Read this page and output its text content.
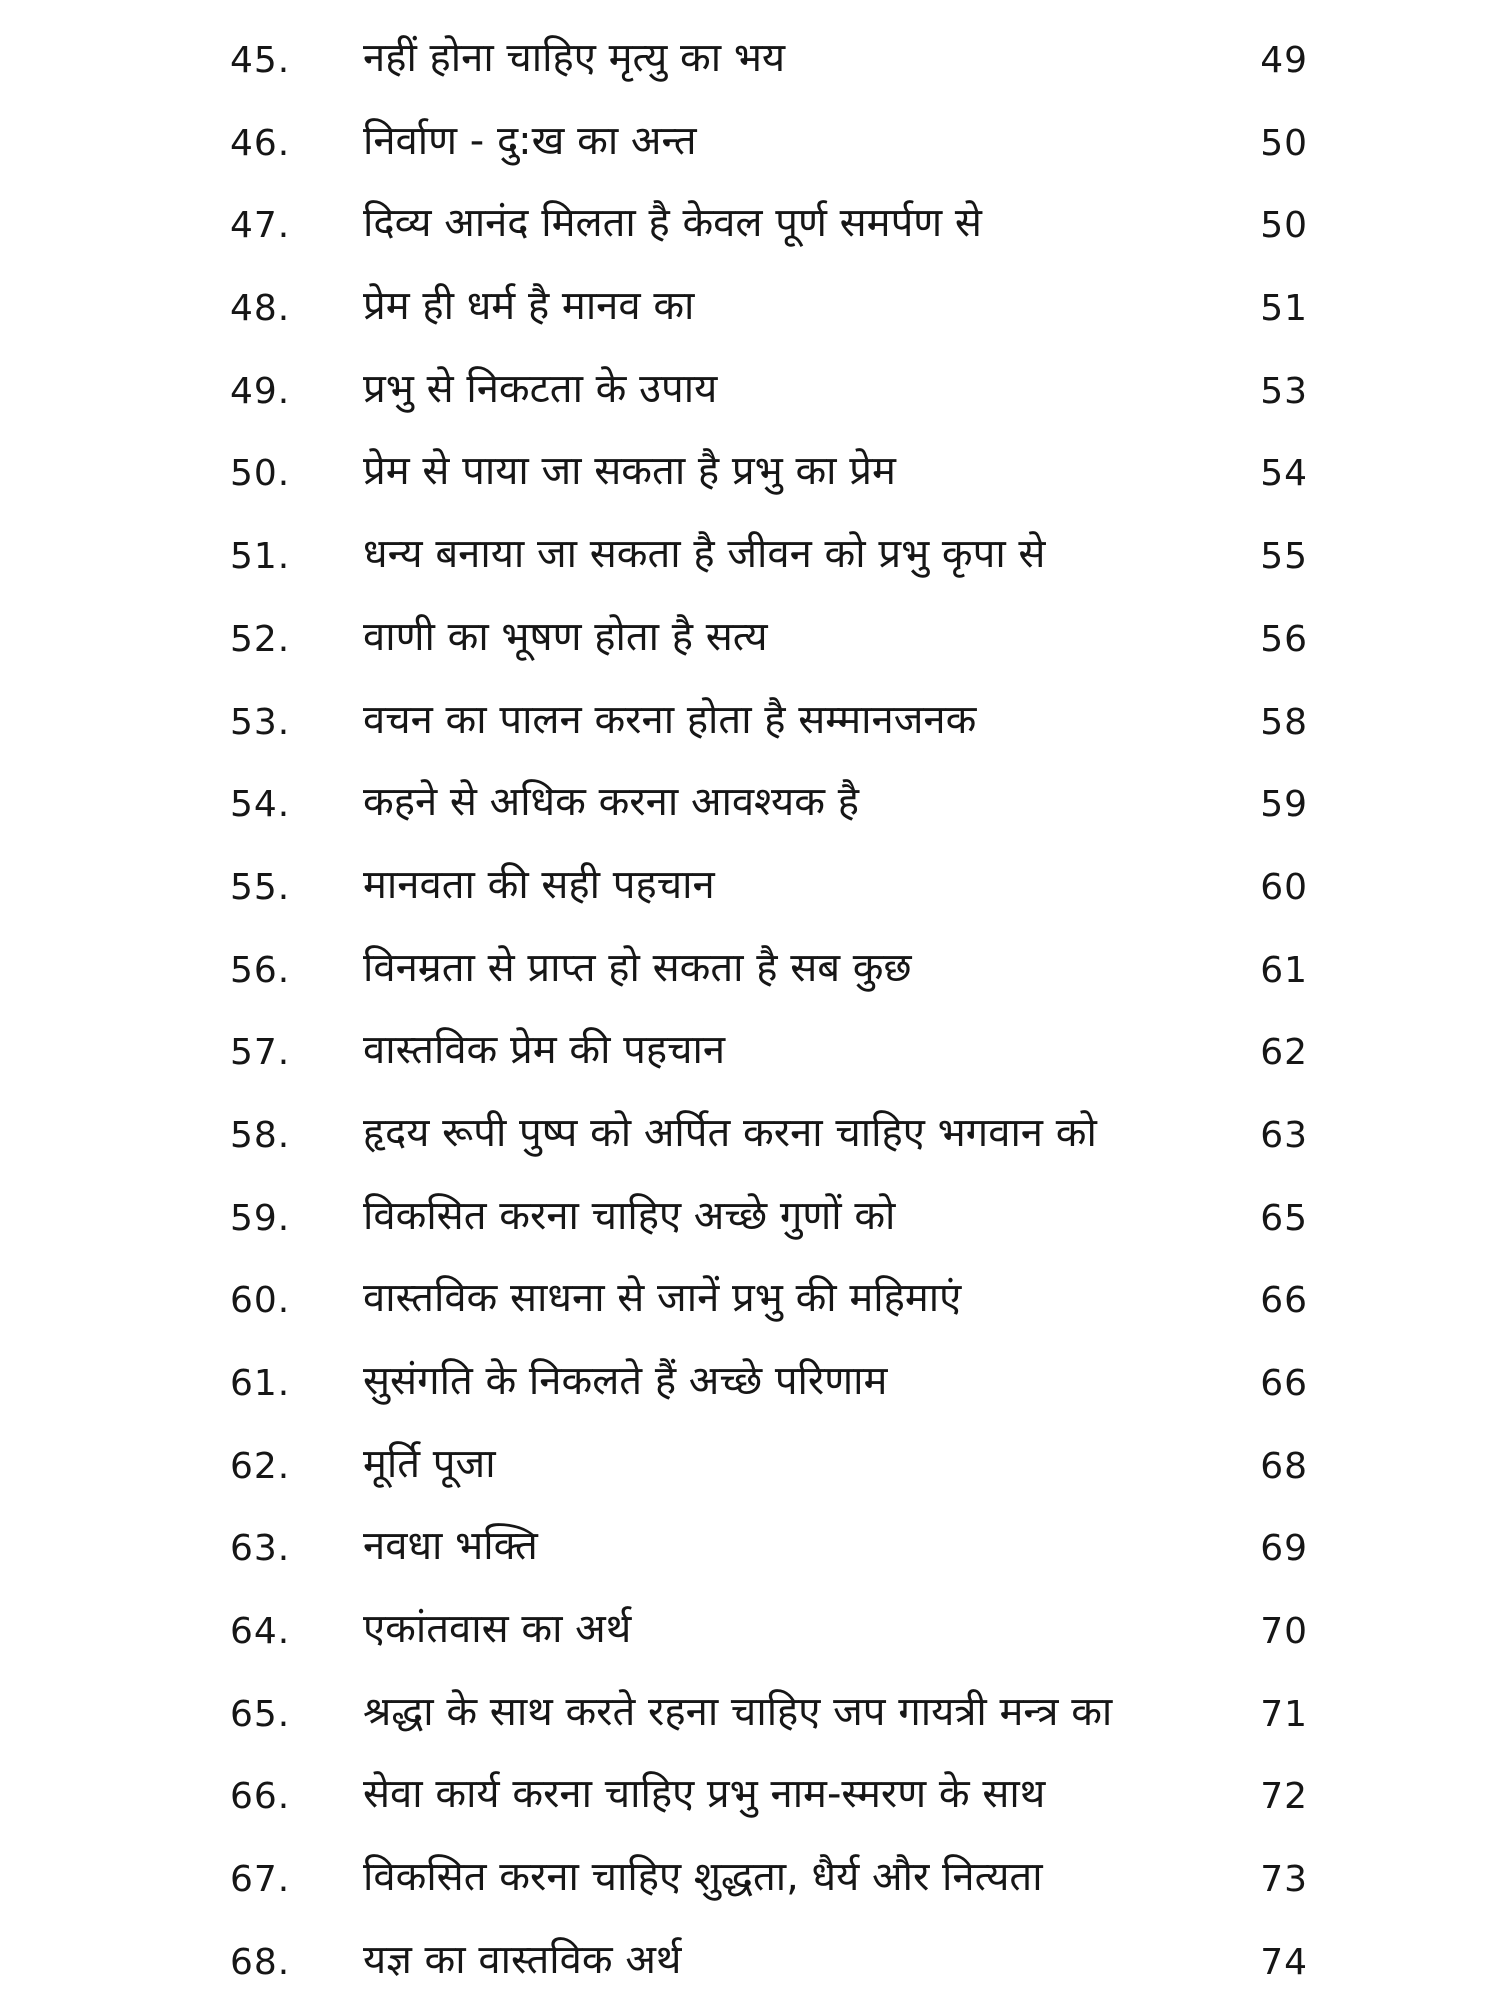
45. नहीं होना चाहिए मृत्यु का भय	49
46. निर्वाण - दु:ख का अन्त	50
47. दिव्य आनंद मिलता है केवल पूर्ण समर्पण से	50
48. प्रेम ही धर्म है मानव का	51
49. प्रभु से निकटता के उपाय	53
50. प्रेम से पाया जा सकता है प्रभु का प्रेम	54
51. धन्य बनाया जा सकता है जीवन को प्रभु कृपा से	55
52. वाणी का भूषण होता है सत्य	56
53. वचन का पालन करना होता है सम्मानजनक	58
54. कहने से अधिक करना आवश्यक है	59
55. मानवता की सही पहचान	60
56. विनम्रता से प्राप्त हो सकता है सब कुछ	61
57. वास्तविक प्रेम की पहचान	62
58. हृदय रूपी पुष्प को अर्पित करना चाहिए भगवान को	63
59. विकसित करना चाहिए अच्छे गुणों को	65
60. वास्तविक साधना से जानें प्रभु की महिमाएं	66
61. सुसंगति के निकलते हैं अच्छे परिणाम	66
62. मूर्ति पूजा	68
63. नवधा भक्ति	69
64. एकांतवास का अर्थ	70
65. श्रद्धा के साथ करते रहना चाहिए जप गायत्री मन्त्र का	71
66. सेवा कार्य करना चाहिए प्रभु नाम-स्मरण के साथ	72
67. विकसित करना चाहिए शुद्धता, धैर्य और नित्यता	73
68. यज्ञ का वास्तविक अर्थ	74
